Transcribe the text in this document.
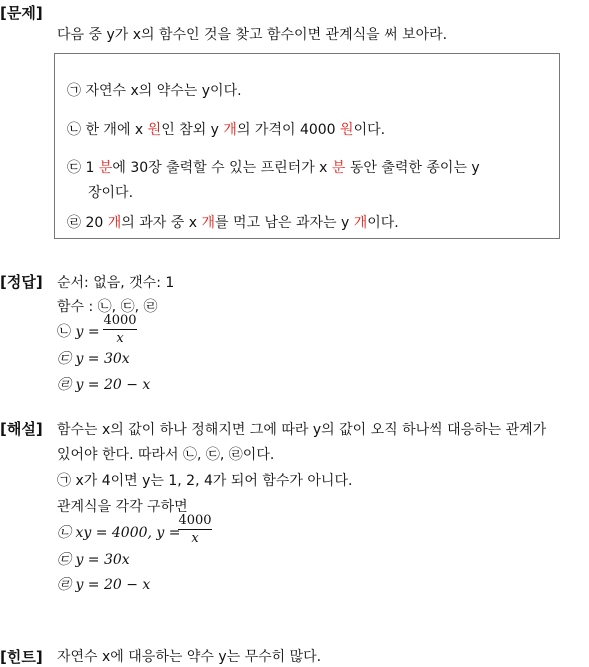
[문제]
다음 중 y가 x의 함수인 것을 찾고 함수이면 관계식을 써 보아라.
㉠ 자연수 x의 약수는 y이다.
㉡ 한 개에 x 원인 참외 y 개의 가격이 4000 원이다.
㉢ 1 분에 30장 출력할 수 있는 프린터가 x 분 동안 출력한 종이는 y
장이다.
㉣ 20 개의 과자 중 x 개를 먹고 남은 과자는 y 개이다.
[정답] 순서: 없음, 갯수: 1
함수 : ㉡, ㉢, ㉣
㉡ y =
4000
x
㉢ y = 30x
㉣ y = 20 − x
[해설] 함수는 x의 값이 하나 정해지면 그에 따라 y의 값이 오직 하나씩 대응하는 관계가
있어야 한다. 따라서 ㉡, ㉢, ㉣이다.
㉠ x가 4이면 y는 1, 2, 4가 되어 함수가 아니다.
관계식을 각각 구하면
㉡ xy = 4000, y =
4000
x
㉢ y = 30x
㉣ y = 20 − x
[힌트] 자연수 x에 대응하는 약수 y는 무수히 많다.
